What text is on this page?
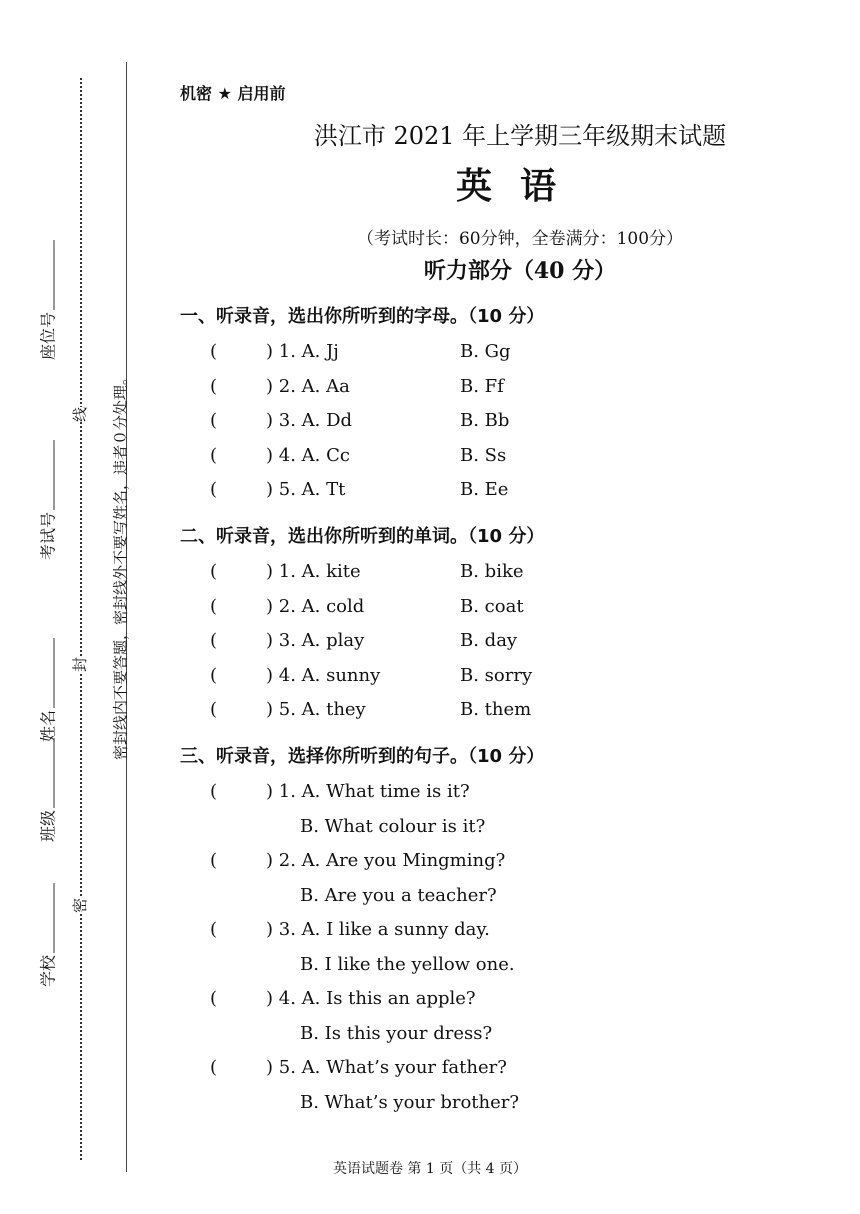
座位号
考试号
姓名
班级
学校
线
封
密
密封线内不要答题，密封线外不要写姓名，违者０分处理。
机密 ★ 启用前
洪江市 2021 年上学期三年级期末试题
英语
（考试时长：60分钟，全卷满分：100分）
听力部分（40 分）
一、听录音，选出你所听到的字母。（10 分）
(	) 1. A. Jj	B. Gg
(	) 2. A. Aa	B. Ff
(	) 3. A. Dd	B. Bb
(	) 4. A. Cc	B. Ss
(	) 5. A. Tt	B. Ee
二、听录音，选出你所听到的单词。（10 分）
(	) 1. A. kite	B. bike
(	) 2. A. cold	B. coat
(	) 3. A. play	B. day
(	) 4. A. sunny	B. sorry
(	) 5. A. they	B. them
三、听录音，选择你所听到的句子。（10 分）
(	) 1. A. What time is it?
B. What colour is it?
(	) 2. A. Are you Mingming?
B. Are you a teacher?
(	) 3. A. I like a sunny day.
B. I like the yellow one.
(	) 4. A. Is this an apple?
B. Is this your dress?
(	) 5. A. What’s your father?
B. What’s your brother?
英语试题卷 第 1 页（共 4 页）
